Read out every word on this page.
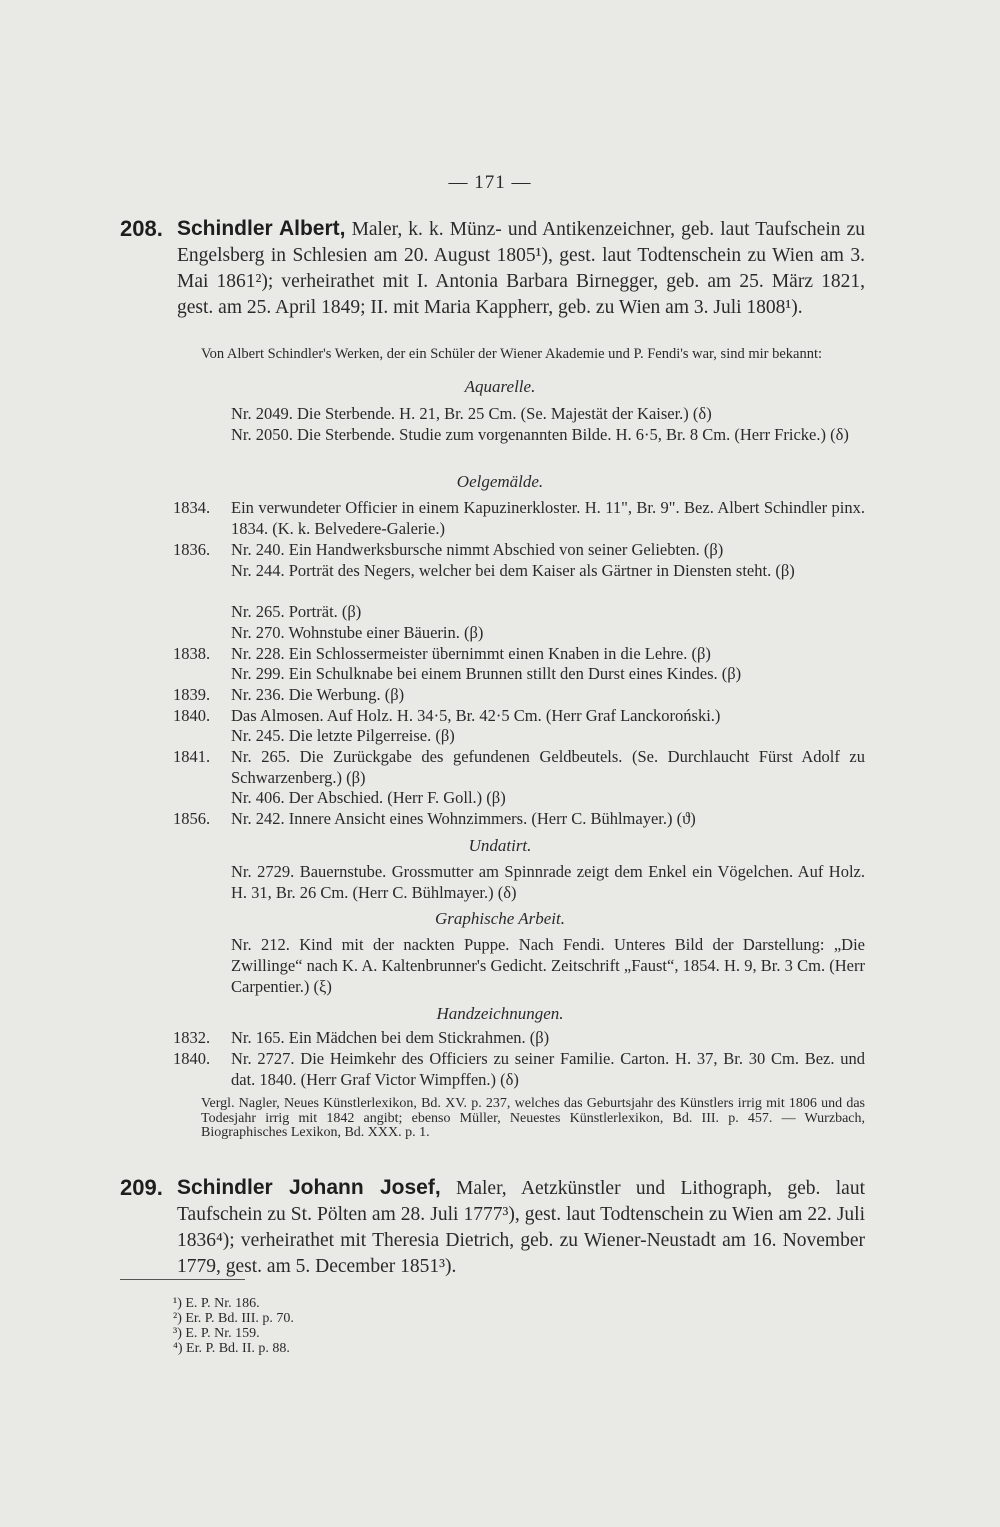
— 171 —
208. Schindler Albert, Maler, k. k. Münz- und Antikenzeichner, geb. laut Taufschein zu Engelsberg in Schlesien am 20. August 1805¹), gest. laut Todtenschein zu Wien am 3. Mai 1861²); verheirathet mit I. Antonia Barbara Birnegger, geb. am 25. März 1821, gest. am 25. April 1849; II. mit Maria Kappherr, geb. zu Wien am 3. Juli 1808¹).
Von Albert Schindler's Werken, der ein Schüler der Wiener Akademie und P. Fendi's war, sind mir bekannt:
Aquarelle.
Nr. 2049. Die Sterbende. H. 21, Br. 25 Cm. (Se. Majestät der Kaiser.) (δ)
Nr. 2050. Die Sterbende. Studie zum vorgenannten Bilde. H. 6·5, Br. 8 Cm. (Herr Fricke.) (δ)
Oelgemälde.
1834. Ein verwundeter Officier in einem Kapuzinerkloster. H. 11", Br. 9". Bez. Albert Schindler pinx. 1834. (K. k. Belvedere-Galerie.)
1836. Nr. 240. Ein Handwerksbursche nimmt Abschied von seiner Geliebten. (β)
Nr. 244. Porträt des Negers, welcher bei dem Kaiser als Gärtner in Diensten steht. (β)
Nr. 265. Porträt. (β)
Nr. 270. Wohnstube einer Bäuerin. (β)
1838. Nr. 228. Ein Schlossermeister übernimmt einen Knaben in die Lehre. (β)
Nr. 299. Ein Schulknabe bei einem Brunnen stillt den Durst eines Kindes. (β)
1839. Nr. 236. Die Werbung. (β)
1840. Das Almosen. Auf Holz. H. 34·5, Br. 42·5 Cm. (Herr Graf Lanckoroński.)
Nr. 245. Die letzte Pilgerreise. (β)
1841. Nr. 265. Die Zurückgabe des gefundenen Geldbeutels. (Se. Durchlaucht Fürst Adolf zu Schwarzenberg.) (β)
Nr. 406. Der Abschied. (Herr F. Goll.) (β)
1856. Nr. 242. Innere Ansicht eines Wohnzimmers. (Herr C. Bühlmayer.) (ϑ)
Undatirt.
Nr. 2729. Bauernstube. Grossmutter am Spinnrade zeigt dem Enkel ein Vögelchen. Auf Holz. H. 31, Br. 26 Cm. (Herr C. Bühlmayer.) (δ)
Graphische Arbeit.
Nr. 212. Kind mit der nackten Puppe. Nach Fendi. Unteres Bild der Darstellung: „Die Zwillinge“ nach K. A. Kaltenbrunner's Gedicht. Zeitschrift „Faust“, 1854. H. 9, Br. 3 Cm. (Herr Carpentier.) (ξ)
Handzeichnungen.
1832. Nr. 165. Ein Mädchen bei dem Stickrahmen. (β)
1840. Nr. 2727. Die Heimkehr des Officiers zu seiner Familie. Carton. H. 37, Br. 30 Cm. Bez. und dat. 1840. (Herr Graf Victor Wimpffen.) (δ)
Vergl. Nagler, Neues Künstlerlexikon, Bd. XV. p. 237, welches das Geburtsjahr des Künstlers irrig mit 1806 und das Todesjahr irrig mit 1842 angibt; ebenso Müller, Neuestes Künstlerlexikon, Bd. III. p. 457. — Wurzbach, Biographisches Lexikon, Bd. XXX. p. 1.
209. Schindler Johann Josef, Maler, Aetzkünstler und Lithograph, geb. laut Taufschein zu St. Pölten am 28. Juli 1777³), gest. laut Todtenschein zu Wien am 22. Juli 1836⁴); verheirathet mit Theresia Dietrich, geb. zu Wiener-Neustadt am 16. November 1779, gest. am 5. December 1851³).
¹) E. P. Nr. 186.
²) Er. P. Bd. III. p. 70.
³) E. P. Nr. 159.
⁴) Er. P. Bd. II. p. 88.
